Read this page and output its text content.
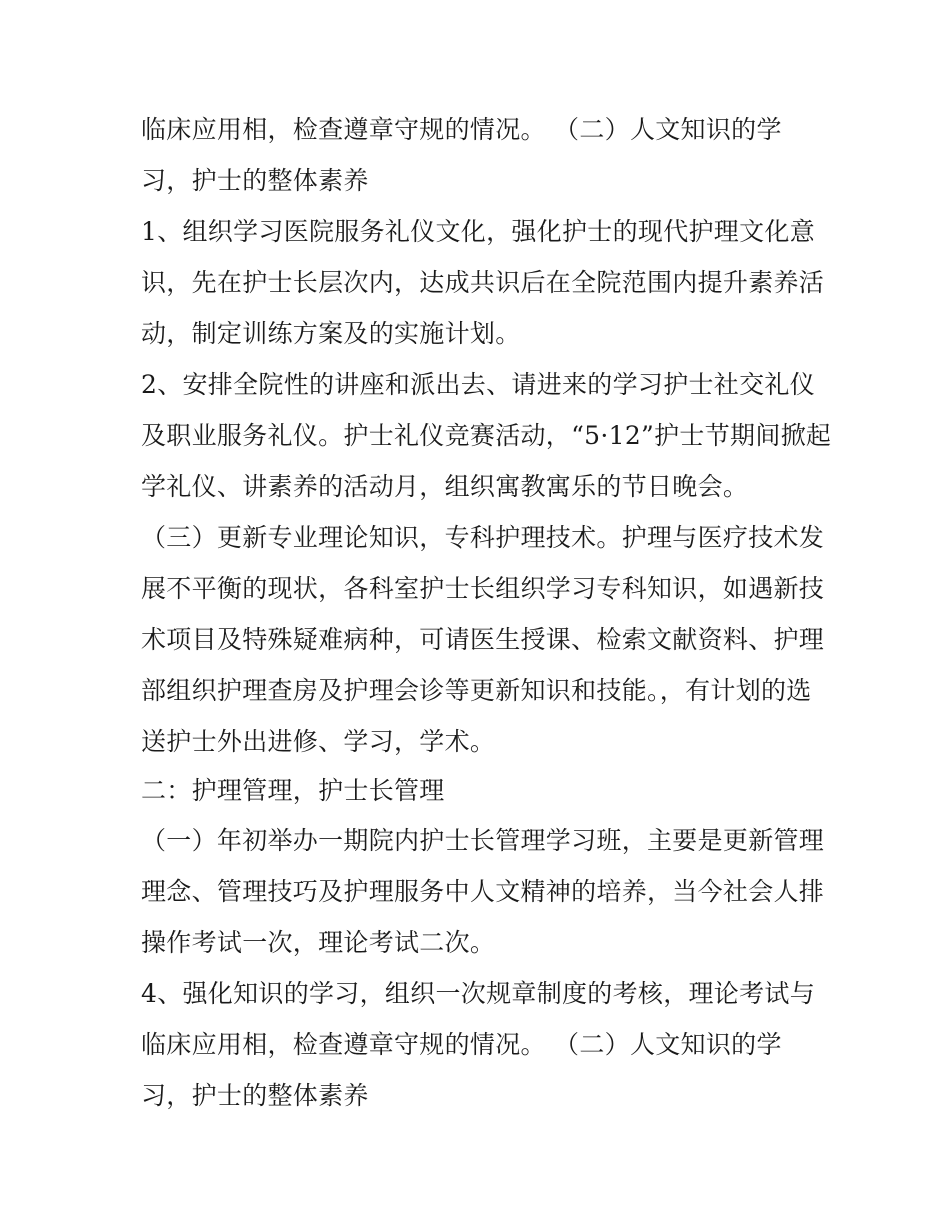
临床应用相，检查遵章守规的情况。 （二）人文知识的学
习，护士的整体素养
1、组织学习医院服务礼仪文化，强化护士的现代护理文化意
识，先在护士长层次内，达成共识后在全院范围内提升素养活
动，制定训练方案及的实施计划。
2、安排全院性的讲座和派出去、请进来的学习护士社交礼仪
及职业服务礼仪。护士礼仪竞赛活动，“5·12”护士节期间掀起
学礼仪、讲素养的活动月，组织寓教寓乐的节日晚会。
（三）更新专业理论知识，专科护理技术。护理与医疗技术发
展不平衡的现状，各科室护士长组织学习专科知识，如遇新技
术项目及特殊疑难病种，可请医生授课、检索文献资料、护理
部组织护理查房及护理会诊等更新知识和技能。，有计划的选
送护士外出进修、学习，学术。
二：护理管理，护士长管理
（一）年初举办一期院内护士长管理学习班，主要是更新管理
理念、管理技巧及护理服务中人文精神的培养，当今社会人排
操作考试一次，理论考试二次。
4、强化知识的学习，组织一次规章制度的考核，理论考试与
临床应用相，检查遵章守规的情况。 （二）人文知识的学
习，护士的整体素养
